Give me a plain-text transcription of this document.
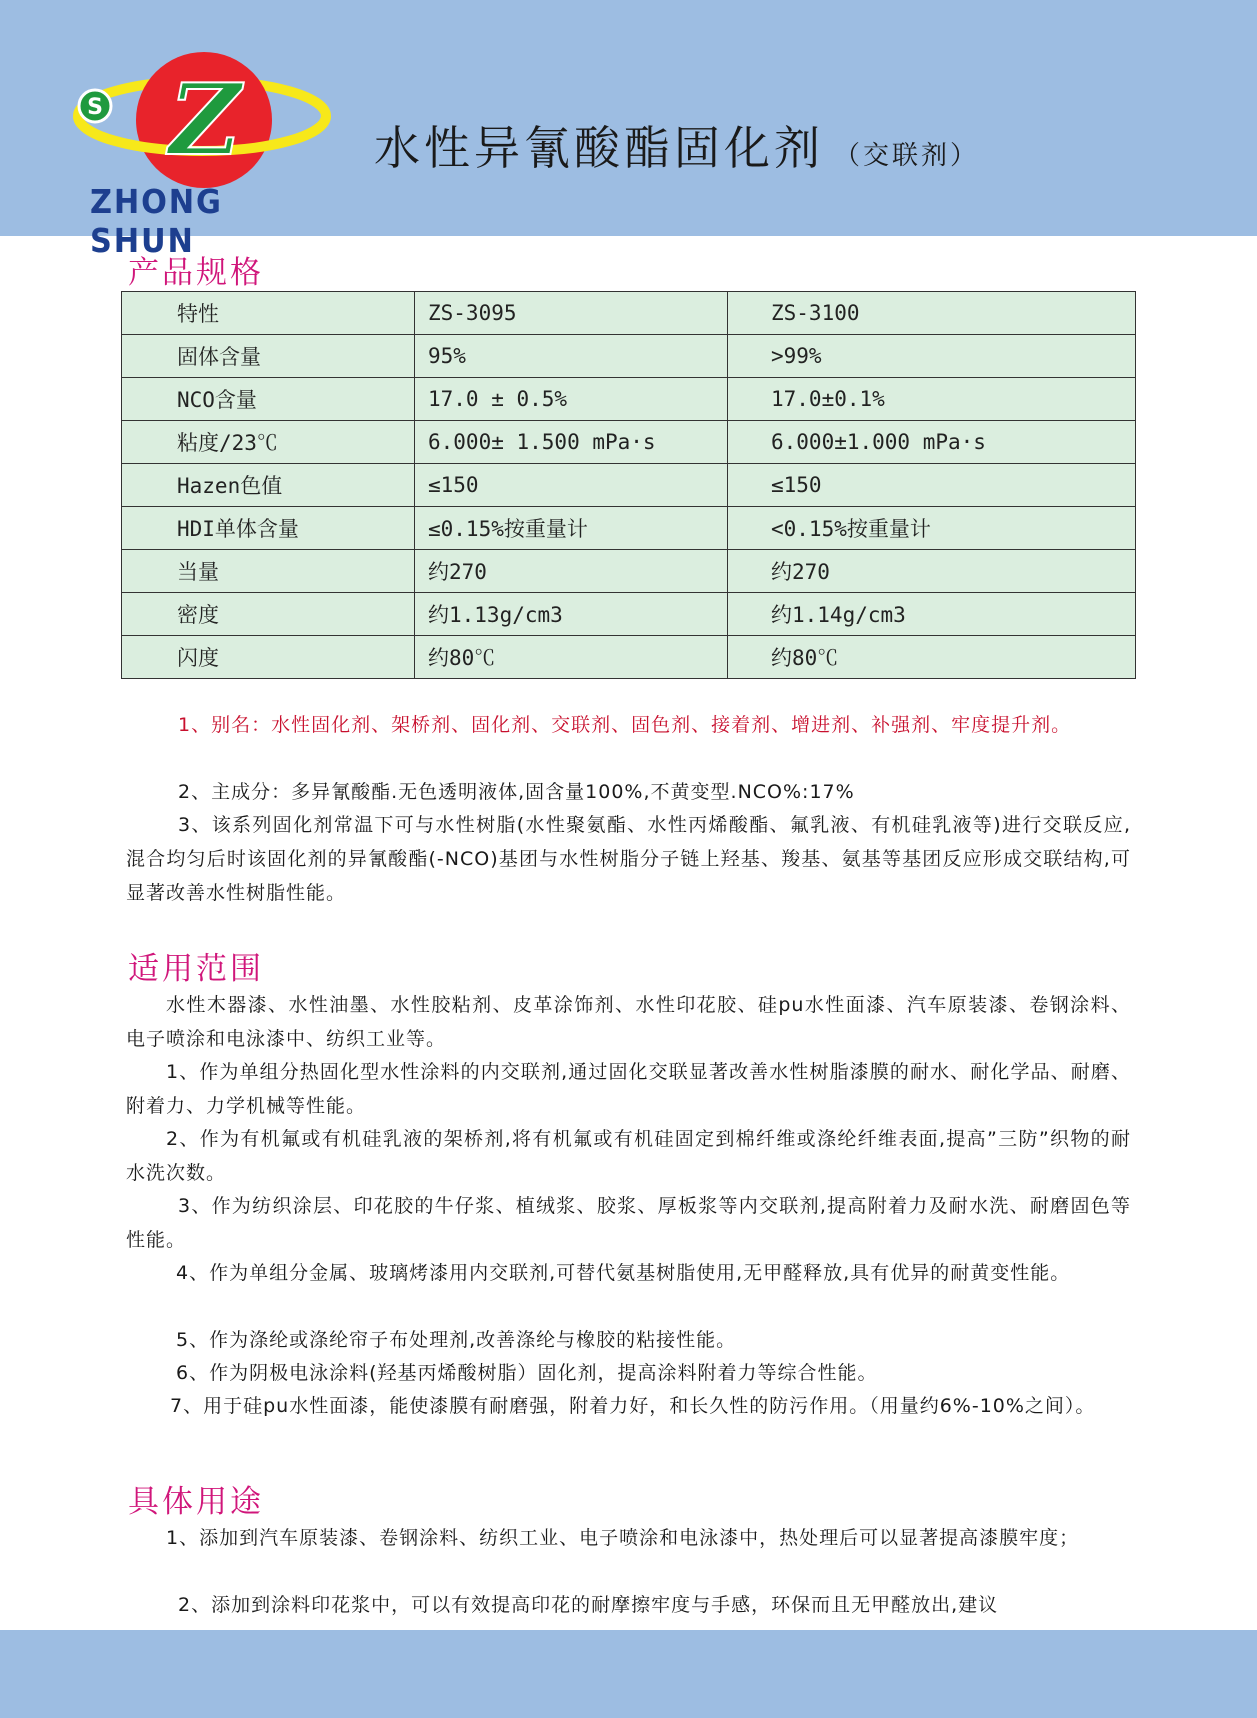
S Z
ZHONG SHUN
水性异氰酸酯固化剂 （交联剂）
产品规格
特性	ZS-3095	ZS-3100
固体含量	95%	>99%
NCO含量	17.0 ± 0.5%	17.0±0.1%
粘度/23℃	6.000± 1.500 mPa·s	6.000±1.000 mPa·s
Hazen色值	≤150	≤150
HDI单体含量	≤0.15%按重量计	<0.15%按重量计
当量	约270	约270
密度	约1.13g/cm3	约1.14g/cm3
闪度	约80℃	约80℃
1、别名：水性固化剂、架桥剂、固化剂、交联剂、固色剂、接着剂、增进剂、补强剂、牢度提升剂。
2、主成分：多异氰酸酯.无色透明液体,固含量100%,不黄变型.NCO%:17%
3、该系列固化剂常温下可与水性树脂(水性聚氨酯、水性丙烯酸酯、氟乳液、有机硅乳液等)进行交联反应,混合均匀后时该固化剂的异氰酸酯(-NCO)基团与水性树脂分子链上羟基、羧基、氨基等基团反应形成交联结构,可显著改善水性树脂性能。
适用范围
水性木器漆、水性油墨、水性胶粘剂、皮革涂饰剂、水性印花胶、硅pu水性面漆、汽车原装漆、卷钢涂料、电子喷涂和电泳漆中、纺织工业等。
1、作为单组分热固化型水性涂料的内交联剂,通过固化交联显著改善水性树脂漆膜的耐水、耐化学品、耐磨、附着力、力学机械等性能。
2、作为有机氟或有机硅乳液的架桥剂,将有机氟或有机硅固定到棉纤维或涤纶纤维表面,提高”三防”织物的耐水洗次数。
3、作为纺织涂层、印花胶的牛仔浆、植绒浆、胶浆、厚板浆等内交联剂,提高附着力及耐水洗、耐磨固色等性能。
4、作为单组分金属、玻璃烤漆用内交联剂,可替代氨基树脂使用,无甲醛释放,具有优异的耐黄变性能。
5、作为涤纶或涤纶帘子布处理剂,改善涤纶与橡胶的粘接性能。
6、作为阴极电泳涂料(羟基丙烯酸树脂）固化剂，提高涂料附着力等综合性能。
7、用于硅pu水性面漆，能使漆膜有耐磨强，附着力好，和长久性的防污作用。（用量约6%-10%之间）。
具体用途
1、添加到汽车原装漆、卷钢涂料、纺织工业、电子喷涂和电泳漆中，热处理后可以显著提高漆膜牢度；
2、添加到涂料印花浆中，可以有效提高印花的耐摩擦牢度与手感，环保而且无甲醛放出,建议
